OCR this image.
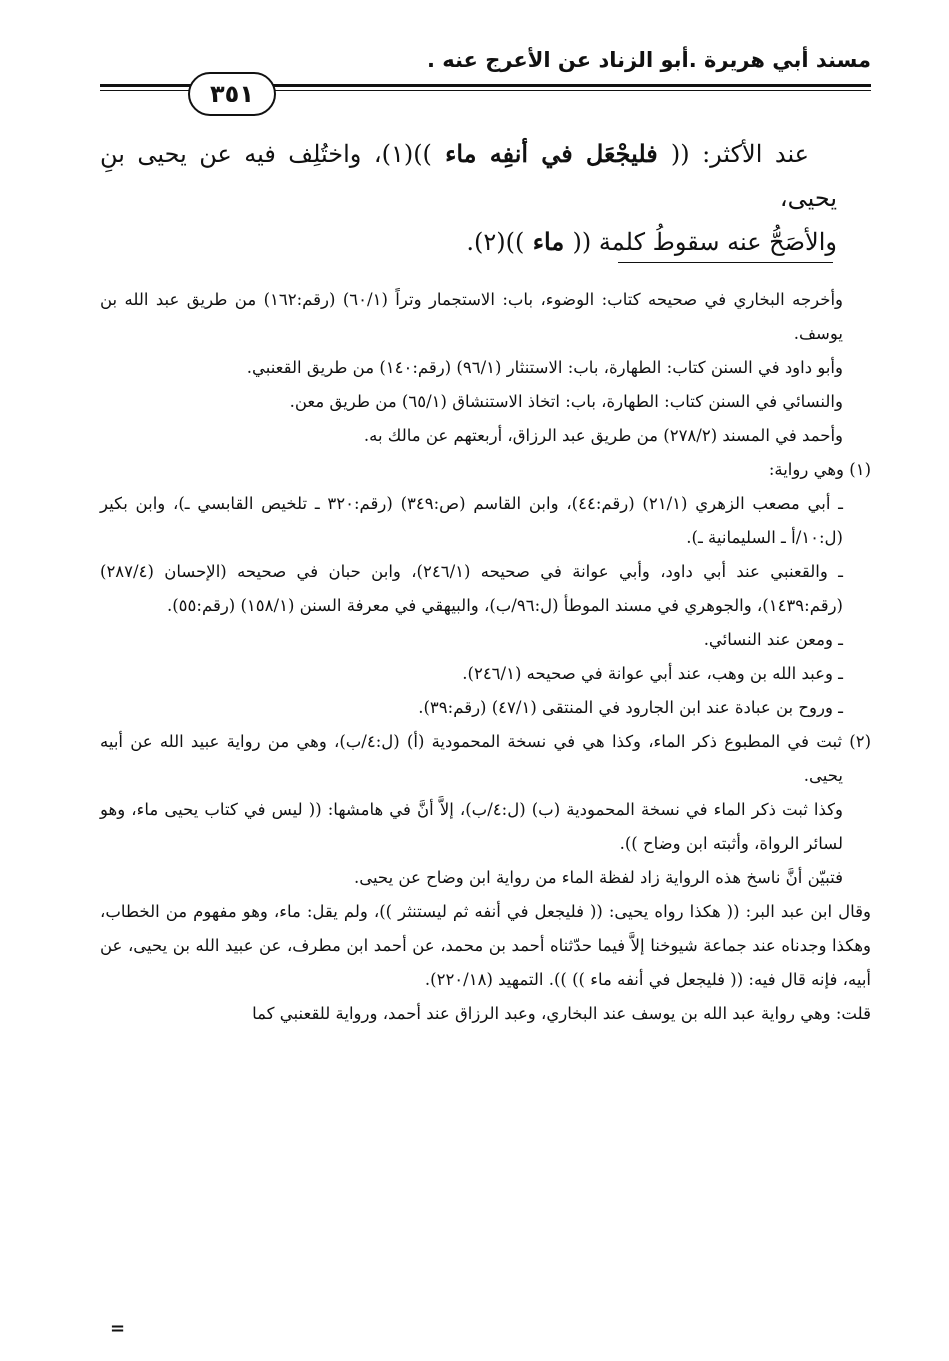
مسند أبي هريرة .أبو الزناد عن الأعرج عنه .
٣٥١

عند الأكثر: (( فليجْعَل في أنفِه ماء ))(١)، واختُلِف فيه عن يحيى بنِ يحيى،

والأصَحُّ عنه سقوطُ كلمة (( ماء ))(٢).

وأخرجه البخاري في صحيحه كتاب: الوضوء، باب: الاستجمار وتراً (٦٠/١) (رقم:١٦٢) من طريق عبد الله بن يوسف.

وأبو داود في السنن كتاب: الطهارة، باب: الاستنثار (٩٦/١) (رقم:١٤٠) من طريق القعنبي.

والنسائي في السنن كتاب: الطهارة، باب: اتخاذ الاستنشاق (٦٥/١) من طريق معن.

وأحمد في المسند (٢٧٨/٢) من طريق عبد الرزاق، أربعتهم عن مالك به.

(١) وهي رواية:

ـ أبي مصعب الزهري (٢١/١) (رقم:٤٤)، وابن القاسم (ص:٣٤٩) (رقم:٣٢٠ ـ تلخيص القابسي ـ)، وابن بكير (ل:١٠/أ ـ السليمانية ـ).

ـ والقعنبي عند أبي داود، وأبي عوانة في صحيحه (٢٤٦/١)، وابن حبان في صحيحه (الإحسان (٢٨٧/٤) (رقم:١٤٣٩)، والجوهري في مسند الموطأ (ل:٩٦/ب)، والبيهقي في معرفة السنن (١٥٨/١) (رقم:٥٥).

ـ ومعن عند النسائي.

ـ وعبد الله بن وهب، عند أبي عوانة في صحيحه (٢٤٦/١).

ـ وروح بن عبادة عند ابن الجارود في المنتقى (٤٧/١) (رقم:٣٩).

(٢) ثبت في المطبوع ذكر الماء، وكذا هي في نسخة المحمودية (أ) (ل:٤/ب)، وهي من رواية عبيد الله عن أبيه يحيى.

وكذا ثبت ذكر الماء في نسخة المحمودية (ب) (ل:٤/ب)، إلاَّ أنَّ في هامشها: (( ليس في كتاب يحيى ماء، وهو لسائر الرواة، وأثبته ابن وضاح )).

فتبيّن أنَّ ناسخ هذه الرواية زاد لفظة الماء من رواية ابن وضاح عن يحيى.

وقال ابن عبد البر: (( هكذا رواه يحيى: (( فليجعل في أنفه ثم ليستنثر ))، ولم يقل: ماء، وهو مفهوم من الخطاب، وهكذا وجدناه عند جماعة شيوخنا إلاَّ فيما حدّثناه أحمد بن محمد، عن أحمد ابن مطرف، عن عبيد الله بن يحيى، عن أبيه، فإنه قال فيه: (( فليجعل في أنفه ماء )) )). التمهيد (٢٢٠/١٨).

قلت: وهي رواية عبد الله بن يوسف عند البخاري، وعبد الرزاق عند أحمد، ورواية للقعنبي كما

=
